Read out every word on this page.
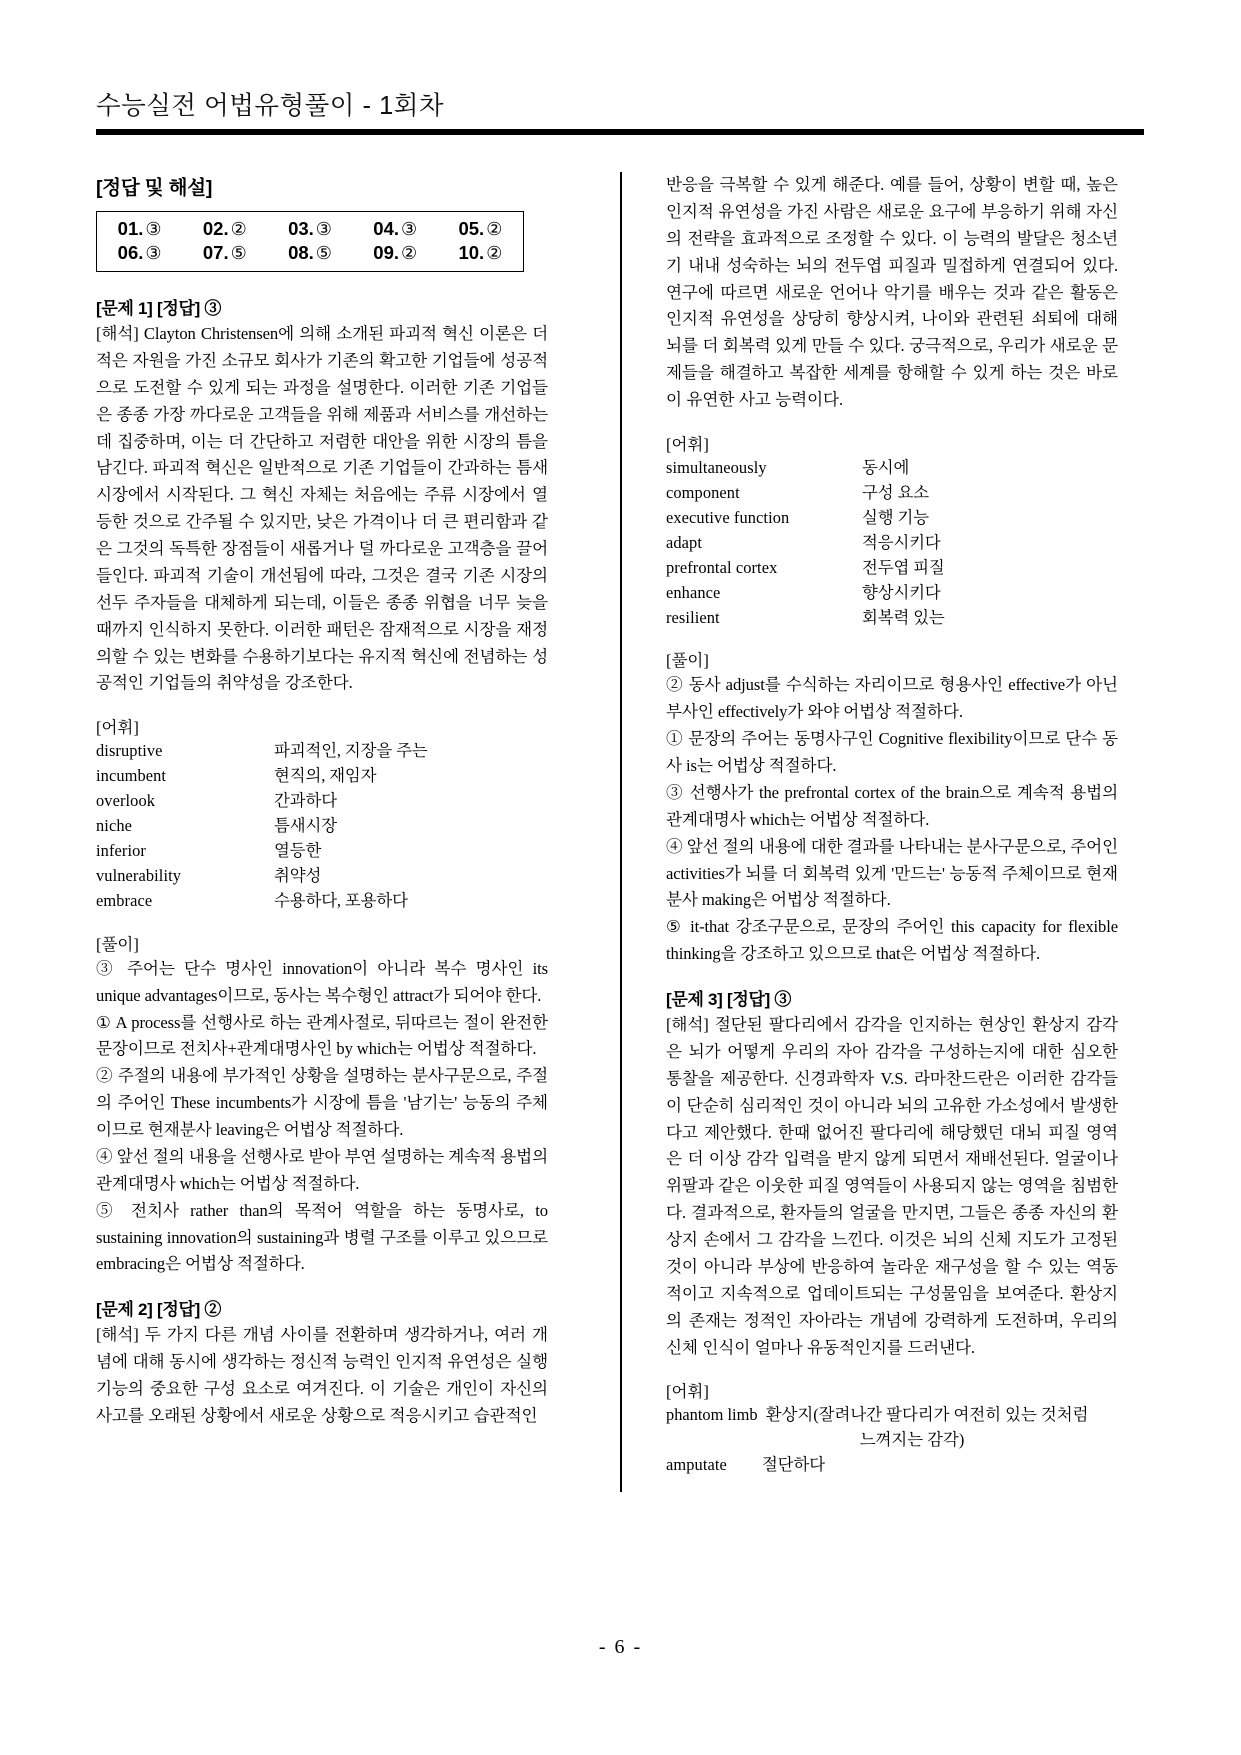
수능실전 어법유형풀이 - 1회차
[정답 및 해설]
01. ③	02. ②	03. ③	04. ③	05. ②
06. ③	07. ⑤	08. ⑤	09. ②	10. ②
[문제 1] [정답] ③

[해석] Clayton Christensen에 의해 소개된 파괴적 혁신 이론은 더 적은 자원을 가진 소규모 회사가 기존의 확고한 기업들에 성공적으로 도전할 수 있게 되는 과정을 설명한다. 이러한 기존 기업들은 종종 가장 까다로운 고객들을 위해 제품과 서비스를 개선하는 데 집중하며, 이는 더 간단하고 저렴한 대안을 위한 시장의 틈을 남긴다. 파괴적 혁신은 일반적으로 기존 기업들이 간과하는 틈새시장에서 시작된다. 그 혁신 자체는 처음에는 주류 시장에서 열등한 것으로 간주될 수 있지만, 낮은 가격이나 더 큰 편리함과 같은 그것의 독특한 장점들이 새롭거나 덜 까다로운 고객층을 끌어들인다. 파괴적 기술이 개선됨에 따라, 그것은 결국 기존 시장의 선두 주자들을 대체하게 되는데, 이들은 종종 위협을 너무 늦을 때까지 인식하지 못한다. 이러한 패턴은 잠재적으로 시장을 재정의할 수 있는 변화를 수용하기보다는 유지적 혁신에 전념하는 성공적인 기업들의 취약성을 강조한다.

[어휘]
disruptive	파괴적인, 지장을 주는
incumbent	현직의, 재임자
overlook	간과하다
niche	틈새시장
inferior	열등한
vulnerability	취약성
embrace	수용하다, 포용하다
[풀이]

③ 주어는 단수 명사인 innovation이 아니라 복수 명사인 its unique advantages이므로, 동사는 복수형인 attract가 되어야 한다.

① A process를 선행사로 하는 관계사절로, 뒤따르는 절이 완전한 문장이므로 전치사+관계대명사인 by which는 어법상 적절하다.

② 주절의 내용에 부가적인 상황을 설명하는 분사구문으로, 주절의 주어인 These incumbents가 시장에 틈을 '남기는' 능동의 주체이므로 현재분사 leaving은 어법상 적절하다.

④ 앞선 절의 내용을 선행사로 받아 부연 설명하는 계속적 용법의 관계대명사 which는 어법상 적절하다.

⑤ 전치사 rather than의 목적어 역할을 하는 동명사로, to sustaining innovation의 sustaining과 병렬 구조를 이루고 있으므로 embracing은 어법상 적절하다.

[문제 2] [정답] ②

[해석] 두 가지 다른 개념 사이를 전환하며 생각하거나, 여러 개념에 대해 동시에 생각하는 정신적 능력인 인지적 유연성은 실행 기능의 중요한 구성 요소로 여겨진다. 이 기술은 개인이 자신의 사고를 오래된 상황에서 새로운 상황으로 적응시키고 습관적인

반응을 극복할 수 있게 해준다. 예를 들어, 상황이 변할 때, 높은 인지적 유연성을 가진 사람은 새로운 요구에 부응하기 위해 자신의 전략을 효과적으로 조정할 수 있다. 이 능력의 발달은 청소년기 내내 성숙하는 뇌의 전두엽 피질과 밀접하게 연결되어 있다. 연구에 따르면 새로운 언어나 악기를 배우는 것과 같은 활동은 인지적 유연성을 상당히 향상시켜, 나이와 관련된 쇠퇴에 대해 뇌를 더 회복력 있게 만들 수 있다. 궁극적으로, 우리가 새로운 문제들을 해결하고 복잡한 세계를 항해할 수 있게 하는 것은 바로 이 유연한 사고 능력이다.

[어휘]
simultaneously	동시에
component	구성 요소
executive function	실행 기능
adapt	적응시키다
prefrontal cortex	전두엽 피질
enhance	향상시키다
resilient	회복력 있는
[풀이]

② 동사 adjust를 수식하는 자리이므로 형용사인 effective가 아닌 부사인 effectively가 와야 어법상 적절하다.

① 문장의 주어는 동명사구인 Cognitive flexibility이므로 단수 동사 is는 어법상 적절하다.

③ 선행사가 the prefrontal cortex of the brain으로 계속적 용법의 관계대명사 which는 어법상 적절하다.

④ 앞선 절의 내용에 대한 결과를 나타내는 분사구문으로, 주어인 activities가 뇌를 더 회복력 있게 '만드는' 능동적 주체이므로 현재분사 making은 어법상 적절하다.

⑤ it-that 강조구문으로, 문장의 주어인 this capacity for flexible thinking을 강조하고 있으므로 that은 어법상 적절하다.

[문제 3] [정답] ③

[해석] 절단된 팔다리에서 감각을 인지하는 현상인 환상지 감각은 뇌가 어떻게 우리의 자아 감각을 구성하는지에 대한 심오한 통찰을 제공한다. 신경과학자 V.S. 라마찬드란은 이러한 감각들이 단순히 심리적인 것이 아니라 뇌의 고유한 가소성에서 발생한다고 제안했다. 한때 없어진 팔다리에 해당했던 대뇌 피질 영역은 더 이상 감각 입력을 받지 않게 되면서 재배선된다. 얼굴이나 위팔과 같은 이웃한 피질 영역들이 사용되지 않는 영역을 침범한다. 결과적으로, 환자들의 얼굴을 만지면, 그들은 종종 자신의 환상지 손에서 그 감각을 느낀다. 이것은 뇌의 신체 지도가 고정된 것이 아니라 부상에 반응하여 놀라운 재구성을 할 수 있는 역동적이고 지속적으로 업데이트되는 구성물임을 보여준다. 환상지의 존재는 정적인 자아라는 개념에 강력하게 도전하며, 우리의 신체 인식이 얼마나 유동적인지를 드러낸다.

[어휘]
phantom limb 환상지(잘려나간 팔다리가 여전히 있는 것처럼
느껴지는 감각)
amputate	절단하다
- 6 -
